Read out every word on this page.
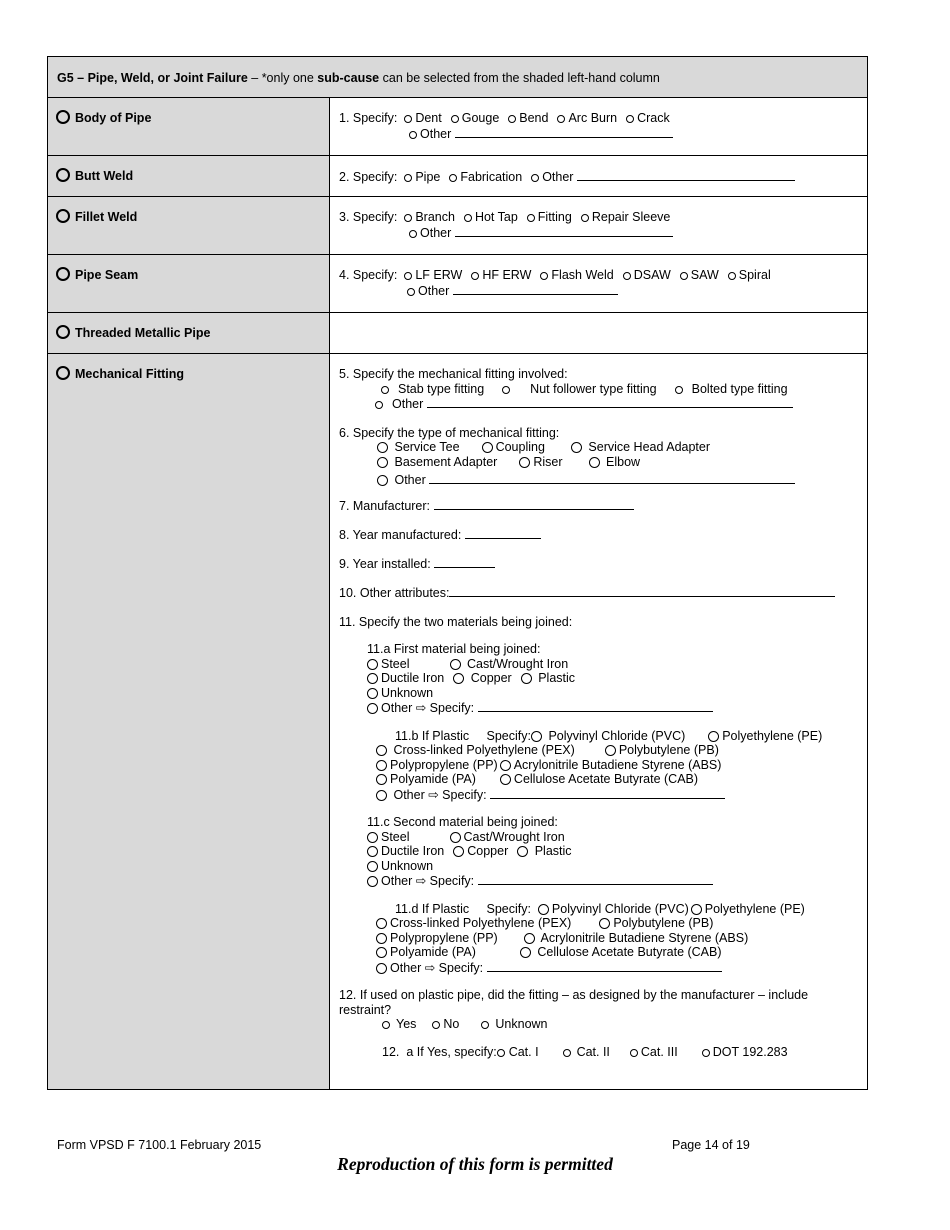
G5 – Pipe, Weld, or Joint Failure – *only one sub-cause can be selected from the shaded left-hand column
Body of Pipe	1. Specify: Dent Gouge Bend Arc Burn Crack
Other
Butt Weld	2. Specify: Pipe Fabrication Other
Fillet Weld	3. Specify: Branch Hot Tap Fitting Repair Sleeve
Other
Pipe Seam	4. Specify: LF ERW HF ERW Flash Weld DSAW SAW Spiral
Other
Threaded Metallic Pipe
Mechanical Fitting	5. Specify the mechanical fitting involved:
Stab type fitting	Nut follower type fitting	Bolted type fitting
Other
6. Specify the type of mechanical fitting:
Service Tee	Coupling	Service Head Adapter
Basement Adapter	Riser	Elbow
Other
7. Manufacturer:
8. Year manufactured:
9. Year installed:
10. Other attributes:
11. Specify the two materials being joined:
11.a First material being joined:
Steel	Cast/Wrought Iron
Ductile Iron Copper Plastic
Unknown
Other ⇨ Specify:
11.b If Plastic Specify: Polyvinyl Chloride (PVC)	Polyethylene (PE)
Cross-linked Polyethylene (PEX)	Polybutylene (PB)
Polypropylene (PP) Acrylonitrile Butadiene Styrene (ABS)
Polyamide (PA)	Cellulose Acetate Butyrate (CAB)
Other ⇨ Specify:
11.c Second material being joined:
Steel	Cast/Wrought Iron
Ductile Iron Copper Plastic
Unknown
Other ⇨ Specify:
11.d If Plastic Specify: Polyvinyl Chloride (PVC) Polyethylene (PE)
Cross-linked Polyethylene (PEX)	Polybutylene (PB)
Polypropylene (PP)	Acrylonitrile Butadiene Styrene (ABS)
Polyamide (PA)	Cellulose Acetate Butyrate (CAB)
Other ⇨ Specify:
12. If used on plastic pipe, did the fitting – as designed by the manufacturer – include restraint?
Yes No	Unknown
12. a If Yes, specify: Cat. I	Cat. II Cat. III	DOT 192.283
Form VPSD F 7100.1 February 2015	Page 14 of 19
Reproduction of this form is permitted
